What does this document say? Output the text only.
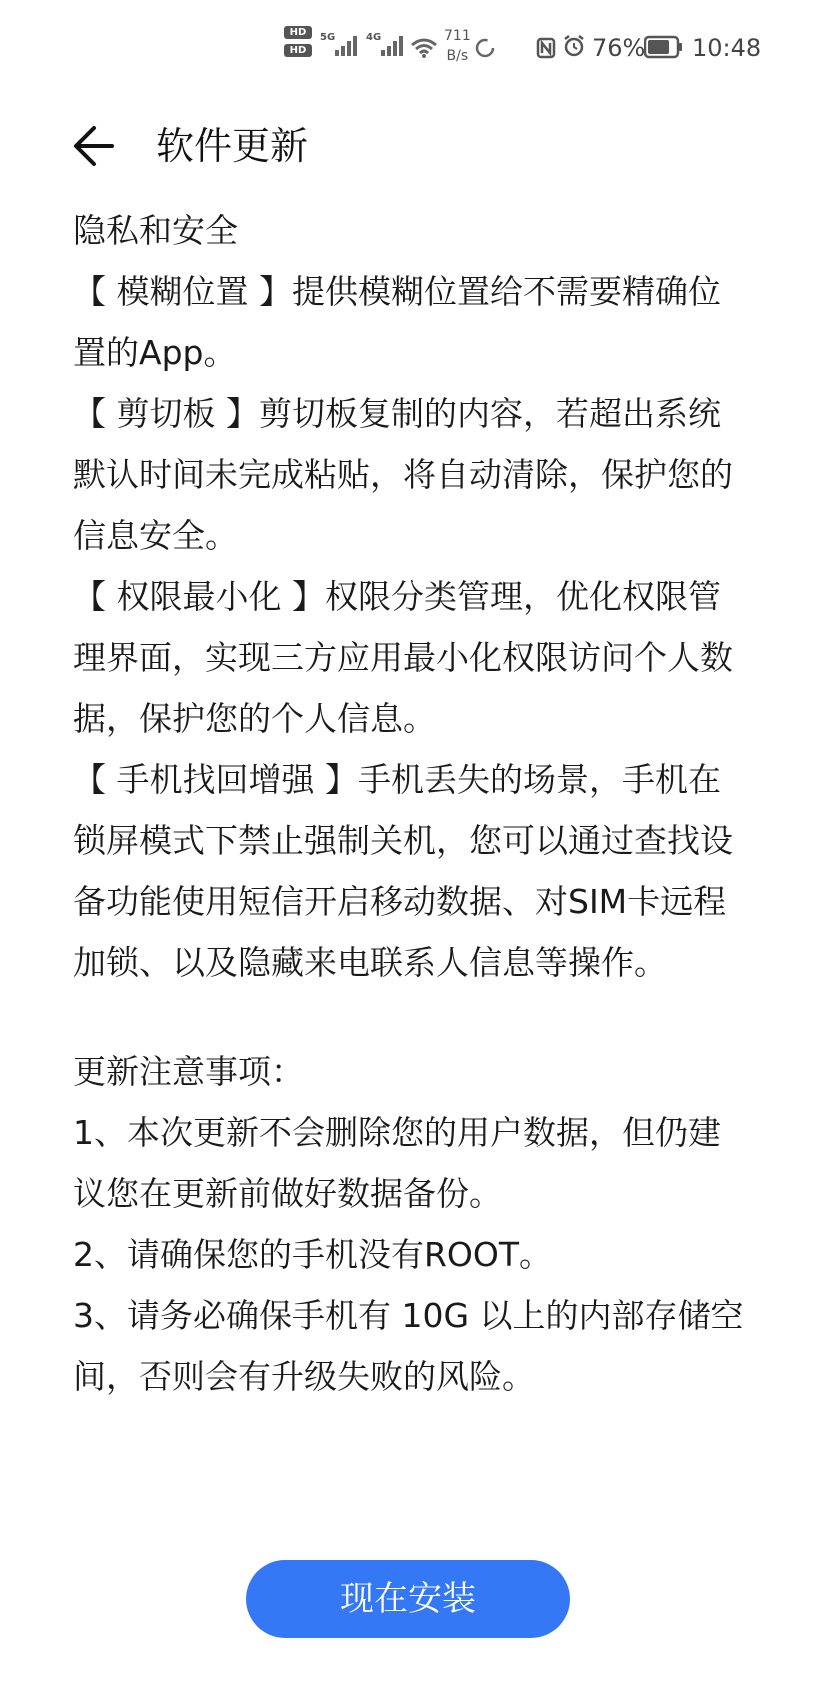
HD
HD
5G	4G	711
B/s	76% 10:48
软件更新

隐私和安全

【 模糊位置 】提供模糊位置给不需要精确位置的App。

【 剪切板 】剪切板复制的内容，若超出系统默认时间未完成粘贴，将自动清除，保护您的信息安全。

【 权限最小化 】权限分类管理，优化权限管理界面，实现三方应用最小化权限访问个人数据，保护您的个人信息。

【 手机找回增强 】手机丢失的场景，手机在锁屏模式下禁止强制关机，您可以通过查找设备功能使用短信开启移动数据、对SIM卡远程加锁、以及隐藏来电联系人信息等操作。

更新注意事项：

1、本次更新不会删除您的用户数据，但仍建议您在更新前做好数据备份。

2、请确保您的手机没有ROOT。

3、请务必确保手机有 10G 以上的内部存储空间，否则会有升级失败的风险。

现在安装
